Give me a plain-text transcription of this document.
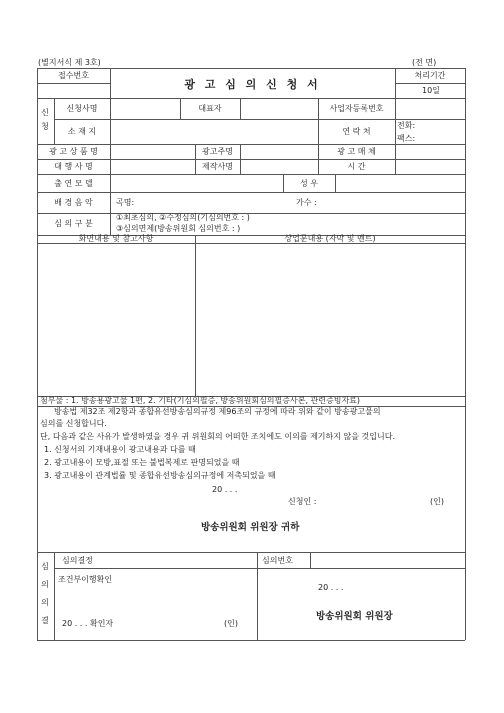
(별지서식 제 3호)	(전 면)
접수번호
광 고 심 의 신 청 서
처리기간
10일
신
청
신청사명	대표자	사업자등록번호
소 재 지	연 락 처
전화:
팩스:
광 고 상 품 명	광고주명	광 고 매 체
대 행 사 명	제작사명	시 간
출 연 모 델	성 우
배 경 음 악	곡명:	가수 :
심 의 구 분
①최초심의, ②수정심의(기심의번호 : )
③심의면제(방송위원회 심의번호 : )
화면내용 및 참고사항	상업문내용 (자막 및 멘트)
첨부물 : 1. 방송용광고물 1편, 2. 기타(기심의필증, 방송위원회심의필증사본, 관련증빙자료)
방송법 제32조 제2항과 종합유선방송심의규정 제96조의 규정에 따라 위와 같이 방송광고물의
심의를 신청합니다.
단, 다음과 같은 사유가 발생하였을 경우 귀 위원회의 어떠한 조치에도 이의를 제기하지 않을 것입니다.
1. 신청서의 기재내용이 광고내용과 다를 때
2. 광고내용이 모방,표절 또는 불법복제로 판명되었을 때
3. 광고내용이 관계법률 및 종합유선방송심의규정에 저촉되었을 때
20 . . .
신청인 :	(인)
방송위원회 위원장 귀하
심
의
의
결
심의결정	심의번호
조건부이행확인
20 . . . 확인자	(인)
20 . . .
방송위원회 위원장
